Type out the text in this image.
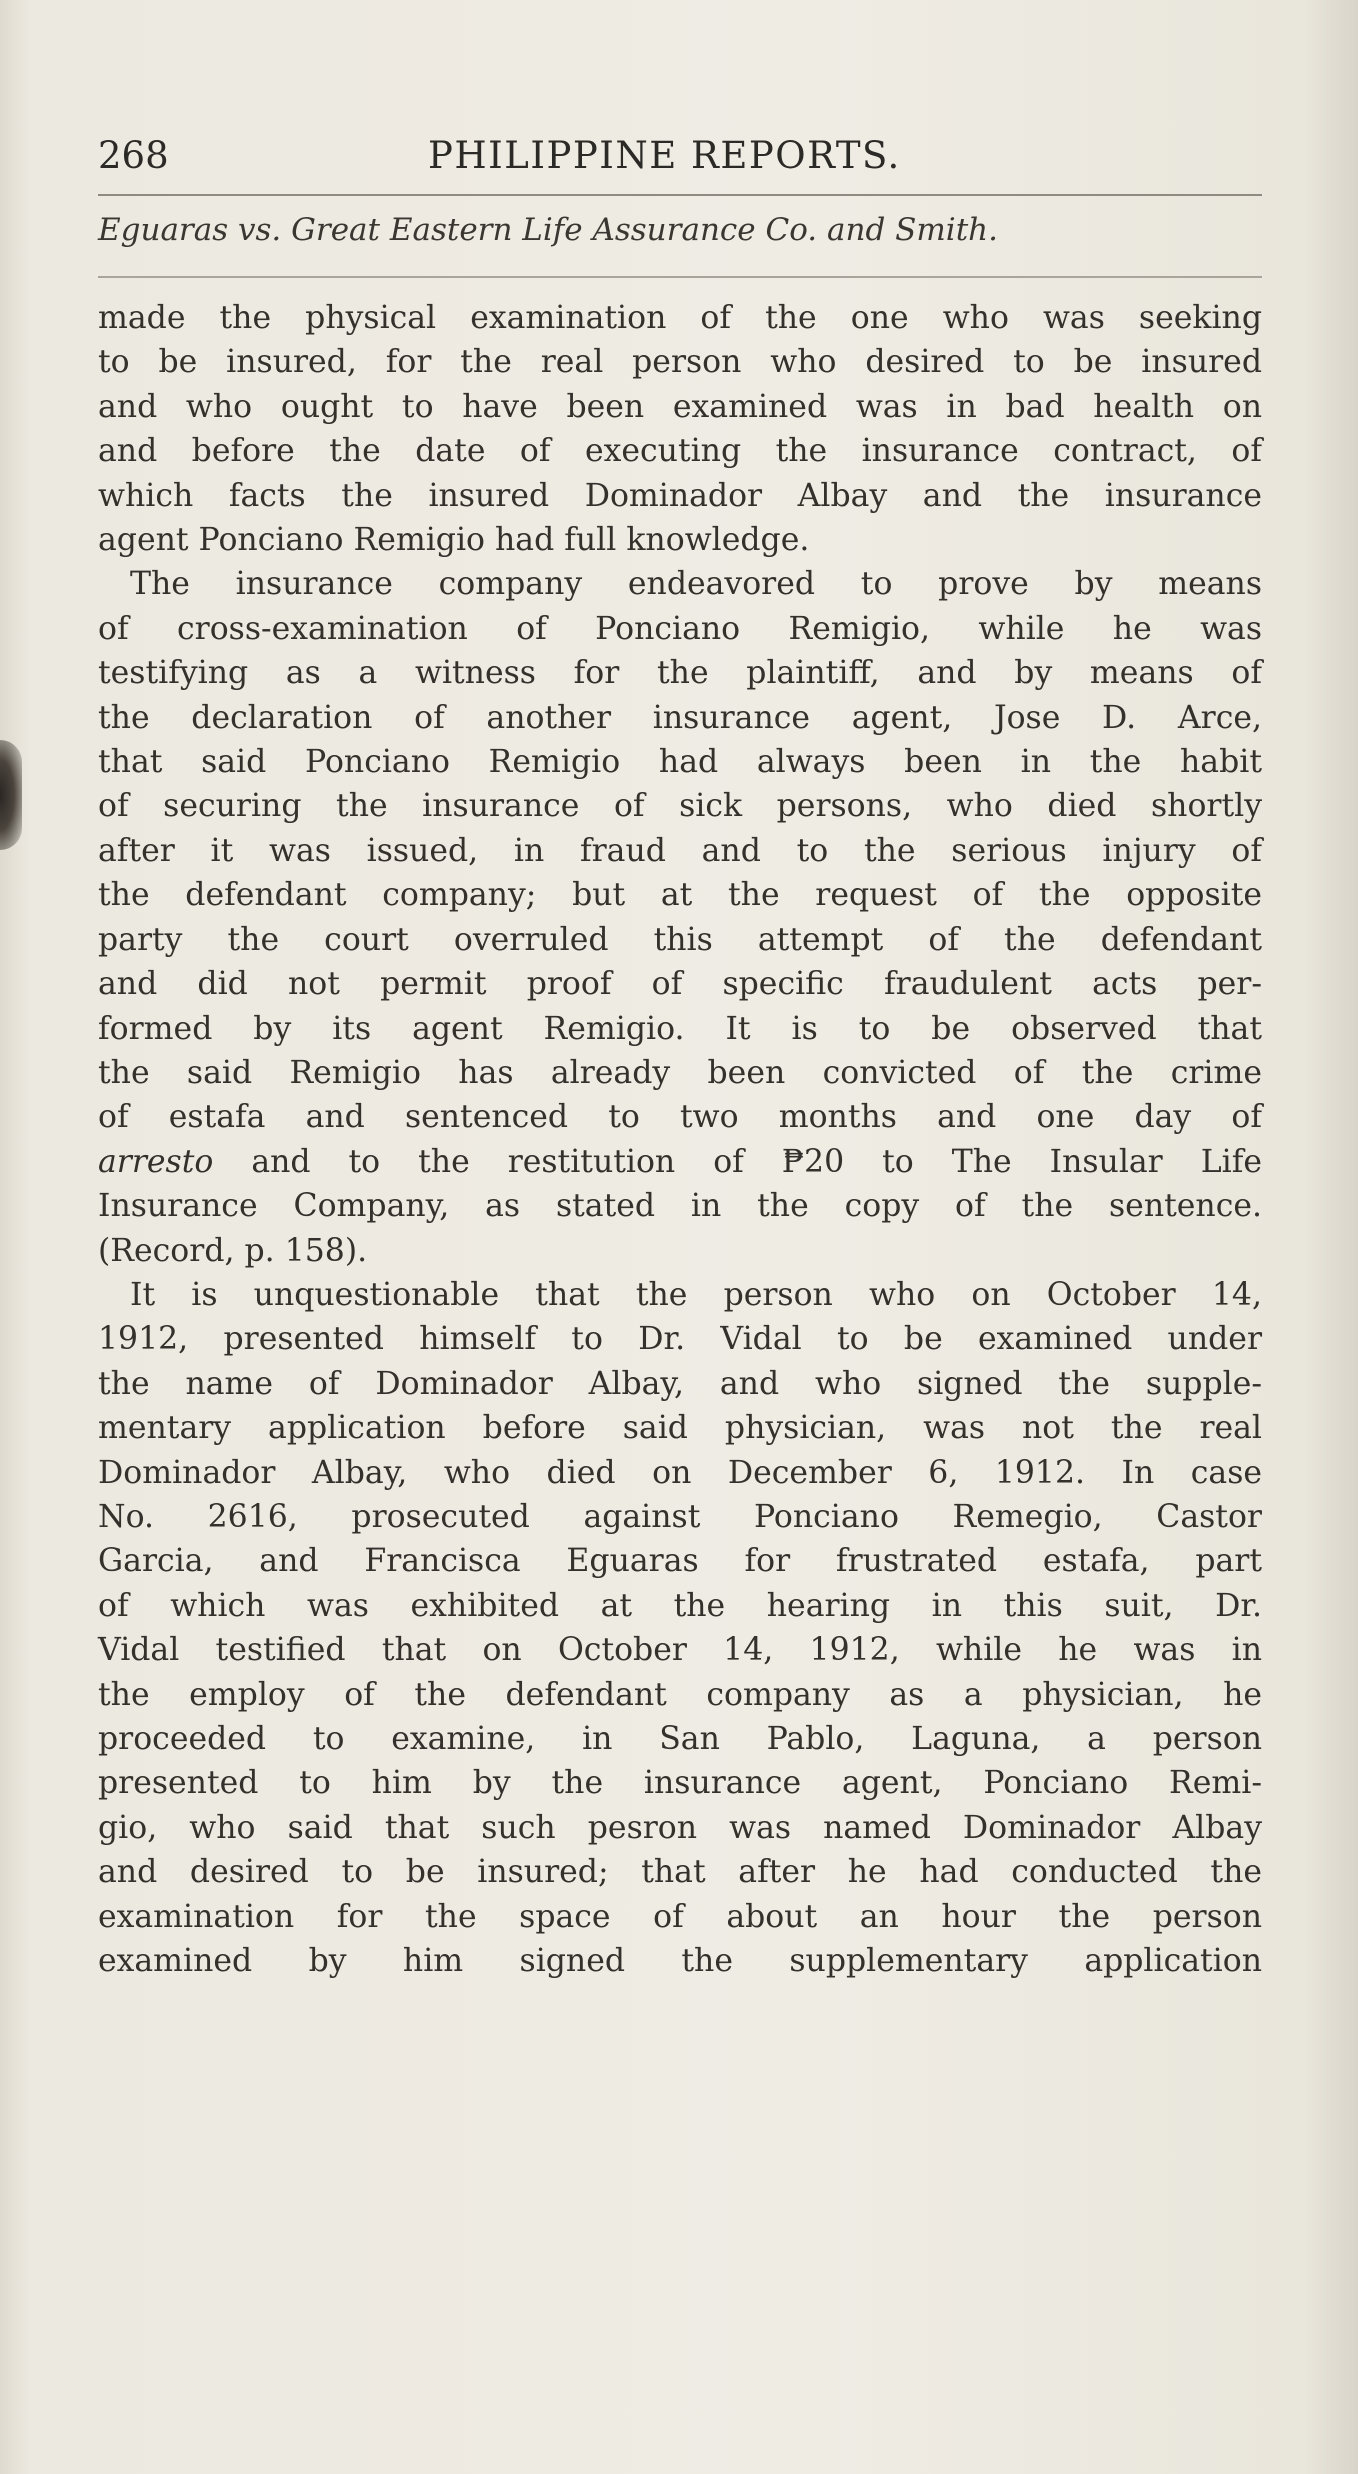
268	PHILIPPINE REPORTS.
Eguaras vs. Great Eastern Life Assurance Co. and Smith.
made the physical examination of the one who was seeking
to be insured, for the real person who desired to be insured
and who ought to have been examined was in bad health on
and before the date of executing the insurance contract, of
which facts the insured Dominador Albay and the insurance
agent Ponciano Remigio had full knowledge.
The insurance company endeavored to prove by means
of cross-examination of Ponciano Remigio, while he was
testifying as a witness for the plaintiff, and by means of
the declaration of another insurance agent, Jose D. Arce,
that said Ponciano Remigio had always been in the habit
of securing the insurance of sick persons, who died shortly
after it was issued, in fraud and to the serious injury of
the defendant company; but at the request of the opposite
party the court overruled this attempt of the defendant
and did not permit proof of specific fraudulent acts per-
formed by its agent Remigio. It is to be observed that
the said Remigio has already been convicted of the crime
of estafa and sentenced to two months and one day of
arresto and to the restitution of ₱20 to The Insular Life
Insurance Company, as stated in the copy of the sentence.
(Record, p. 158).
It is unquestionable that the person who on October 14,
1912, presented himself to Dr. Vidal to be examined under
the name of Dominador Albay, and who signed the supple-
mentary application before said physician, was not the real
Dominador Albay, who died on December 6, 1912. In case
No. 2616, prosecuted against Ponciano Remegio, Castor
Garcia, and Francisca Eguaras for frustrated estafa, part
of which was exhibited at the hearing in this suit, Dr.
Vidal testified that on October 14, 1912, while he was in
the employ of the defendant company as a physician, he
proceeded to examine, in San Pablo, Laguna, a person
presented to him by the insurance agent, Ponciano Remi-
gio, who said that such pesron was named Dominador Albay
and desired to be insured; that after he had conducted the
examination for the space of about an hour the person
examined by him signed the supplementary application
